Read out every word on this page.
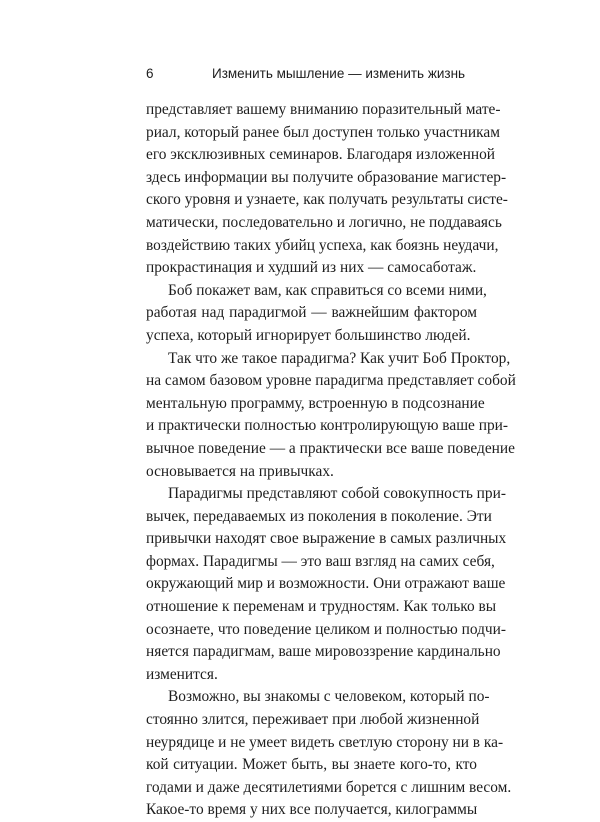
6	Изменить мышление — изменить жизнь
представляет вашему вниманию поразительный мате-
риал, который ранее был доступен только участникам
его эксклюзивных семинаров. Благодаря изложенной
здесь информации вы получите образование магистер-
ского уровня и узнаете, как получать результаты систе-
матически, последовательно и логично, не поддаваясь
воздействию таких убийц успеха, как боязнь неудачи,
прокрастинация и худший из них — самосаботаж.
Боб покажет вам, как справиться со всеми ними,
работая над парадигмой — важнейшим фактором
успеха, который игнорирует большинство людей.
Так что же такое парадигма? Как учит Боб Проктор,
на самом базовом уровне парадигма представляет собой
ментальную программу, встроенную в подсознание
и практически полностью контролирующую ваше при-
вычное поведение — а практически все ваше поведение
основывается на привычках.
Парадигмы представляют собой совокупность при-
вычек, передаваемых из поколения в поколение. Эти
привычки находят свое выражение в самых различных
формах. Парадигмы — это ваш взгляд на самих себя,
окружающий мир и возможности. Они отражают ваше
отношение к переменам и трудностям. Как только вы
осознаете, что поведение целиком и полностью подчи-
няется парадигмам, ваше мировоззрение кардинально
изменится.
Возможно, вы знакомы с человеком, который по-
стоянно злится, переживает при любой жизненной
неурядице и не умеет видеть светлую сторону ни в ка-
кой ситуации. Может быть, вы знаете кого-то, кто
годами и даже десятилетиями борется с лишним весом.
Какое-то время у них все получается, килограммы
